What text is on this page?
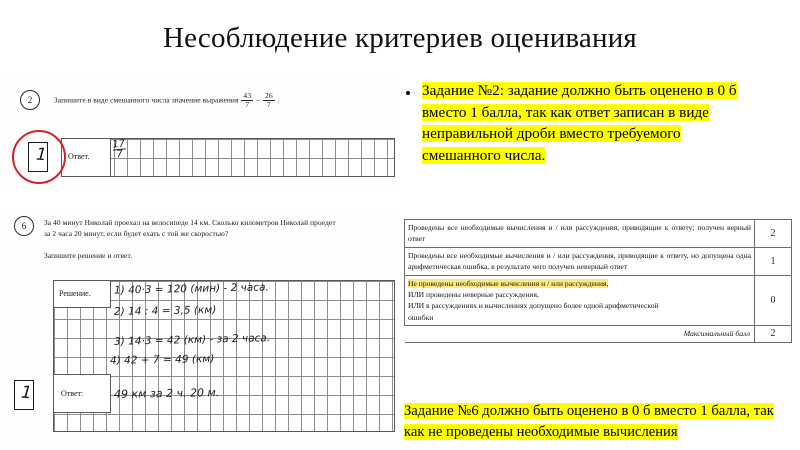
Несоблюдение критериев оценивания
2	Запишите в виде смешанного числа значение выражения $\frac{43}{7} - \frac{26}{7}$ .
Ответ. $\frac{17}{7}$
1
Задание №2: задание должно быть оценено в 0 б
вместо 1 балла, так как ответ записан в виде
неправильной дроби вместо требуемого
смешанного числа.
6	За 40 минут Николай проехал на велосипеде 14 км. Сколько километров Николай проедет
за 2 часа 20 минут, если будет ехать с той же скоростью?
Запишите решение и ответ.
Решение.
Ответ:
1) 40·3 = 120 (мин) - 2 часа.
2) 14 : 4 = 3,5 (км)
3) 14·3 = 42 (км) - за 2 часа.
4) 42 + 7 = 49 (км)
49 км за 2 ч. 20 м.
1
Проведены все необходимые вычисления и / или рассуждения, приводящие к ответу; получен верный ответ	2
Проведены все необходимые вычисления и / или рассуждения, приводящие к ответу, но допущена одна арифметическая ошибка, в результате чего получен неверный ответ	1
Не проведены необходимые вычисления и / или рассуждения,
ИЛИ проведены неверные рассуждения,
ИЛИ в рассуждениях и вычислениях допущено более одной арифметической
ошибки	0
Максимальный балл	2
Задание №6 должно быть оценено в 0 б вместо 1 балла, так
как не проведены необходимые вычисления
